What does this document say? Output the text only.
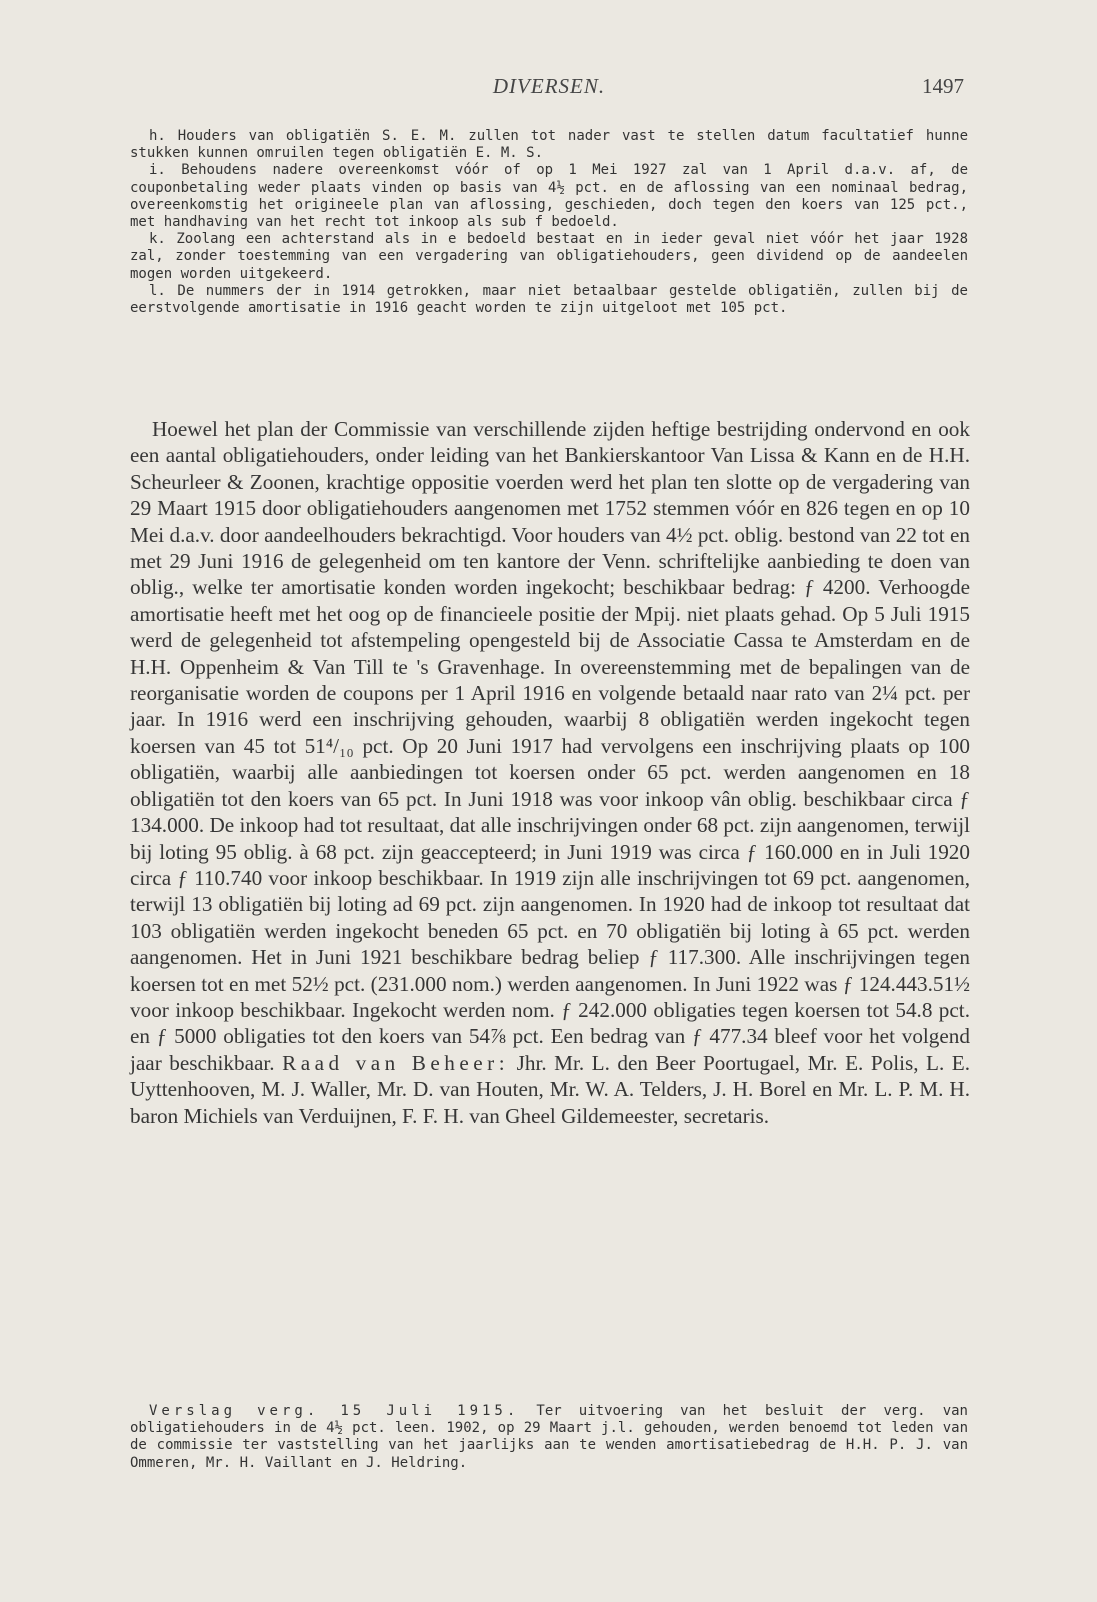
DIVERSEN.	1497

h. Houders van obligatiën S. E. M. zullen tot nader vast te stellen datum facultatief hunne stukken kunnen omruilen tegen obligatiën E. M. S.

i. Behoudens nadere overeenkomst vóór of op 1 Mei 1927 zal van 1 April d.a.v. af, de couponbetaling weder plaats vinden op basis van 4½ pct. en de aflossing van een nominaal bedrag, overeenkomstig het origineele plan van aflossing, geschieden, doch tegen den koers van 125 pct., met handhaving van het recht tot inkoop als sub f bedoeld.

k. Zoolang een achterstand als in e bedoeld bestaat en in ieder geval niet vóór het jaar 1928 zal, zonder toestemming van een vergadering van obligatiehouders, geen dividend op de aandeelen mogen worden uitgekeerd.

l. De nummers der in 1914 getrokken, maar niet betaalbaar gestelde obligatiën, zullen bij de eerstvolgende amortisatie in 1916 geacht worden te zijn uitgeloot met 105 pct.

Hoewel het plan der Commissie van verschillende zijden heftige bestrijding ondervond en ook een aantal obligatiehouders, onder leiding van het Bankierskantoor Van Lissa & Kann en de H.H. Scheurleer & Zoonen, krachtige oppositie voerden werd het plan ten slotte op de vergadering van 29 Maart 1915 door obligatiehouders aangenomen met 1752 stemmen vóór en 826 tegen en op 10 Mei d.a.v. door aandeelhouders bekrachtigd. Voor houders van 4½ pct. oblig. bestond van 22 tot en met 29 Juni 1916 de gelegenheid om ten kantore der Venn. schriftelijke aanbieding te doen van oblig., welke ter amortisatie konden worden ingekocht; beschikbaar bedrag: ƒ 4200. Verhoogde amortisatie heeft met het oog op de financieele positie der Mpij. niet plaats gehad. Op 5 Juli 1915 werd de gelegenheid tot afstempeling opengesteld bij de Associatie Cassa te Amsterdam en de H.H. Oppenheim & Van Till te 's Gravenhage. In overeenstemming met de bepalingen van de reorganisatie worden de coupons per 1 April 1916 en volgende betaald naar rato van 2¼ pct. per jaar. In 1916 werd een inschrijving gehouden, waarbij 8 obligatiën werden ingekocht tegen koersen van 45 tot 51⁴/₁₀ pct. Op 20 Juni 1917 had vervolgens een inschrijving plaats op 100 obligatiën, waarbij alle aanbiedingen tot koersen onder 65 pct. werden aangenomen en 18 obligatiën tot den koers van 65 pct. In Juni 1918 was voor inkoop vân oblig. beschikbaar circa ƒ 134.000. De inkoop had tot resultaat, dat alle inschrijvingen onder 68 pct. zijn aangenomen, terwijl bij loting 95 oblig. à 68 pct. zijn geaccepteerd; in Juni 1919 was circa ƒ 160.000 en in Juli 1920 circa ƒ 110.740 voor inkoop beschikbaar. In 1919 zijn alle inschrijvingen tot 69 pct. aangenomen, terwijl 13 obligatiën bij loting ad 69 pct. zijn aangenomen. In 1920 had de inkoop tot resultaat dat 103 obligatiën werden ingekocht beneden 65 pct. en 70 obligatiën bij loting à 65 pct. werden aangenomen. Het in Juni 1921 beschikbare bedrag beliep ƒ 117.300. Alle inschrijvingen tegen koersen tot en met 52½ pct. (231.000 nom.) werden aangenomen. In Juni 1922 was ƒ 124.443.51½ voor inkoop beschikbaar. Ingekocht werden nom. ƒ 242.000 obligaties tegen koersen tot 54.8 pct. en ƒ 5000 obligaties tot den koers van 54⅞ pct. Een bedrag van ƒ 477.34 bleef voor het volgend jaar beschikbaar. Raad van Beheer: Jhr. Mr. L. den Beer Poortugael, Mr. E. Polis, L. E. Uyttenhooven, M. J. Waller, Mr. D. van Houten, Mr. W. A. Telders, J. H. Borel en Mr. L. P. M. H. baron Michiels van Verduijnen, F. F. H. van Gheel Gildemeester, secretaris.

Verslag verg. 15 Juli 1915. Ter uitvoering van het besluit der verg. van obligatiehouders in de 4½ pct. leen. 1902, op 29 Maart j.l. gehouden, werden benoemd tot leden van de commissie ter vaststelling van het jaarlijks aan te wenden amortisatiebedrag de H.H. P. J. van Ommeren, Mr. H. Vaillant en J. Heldring.
